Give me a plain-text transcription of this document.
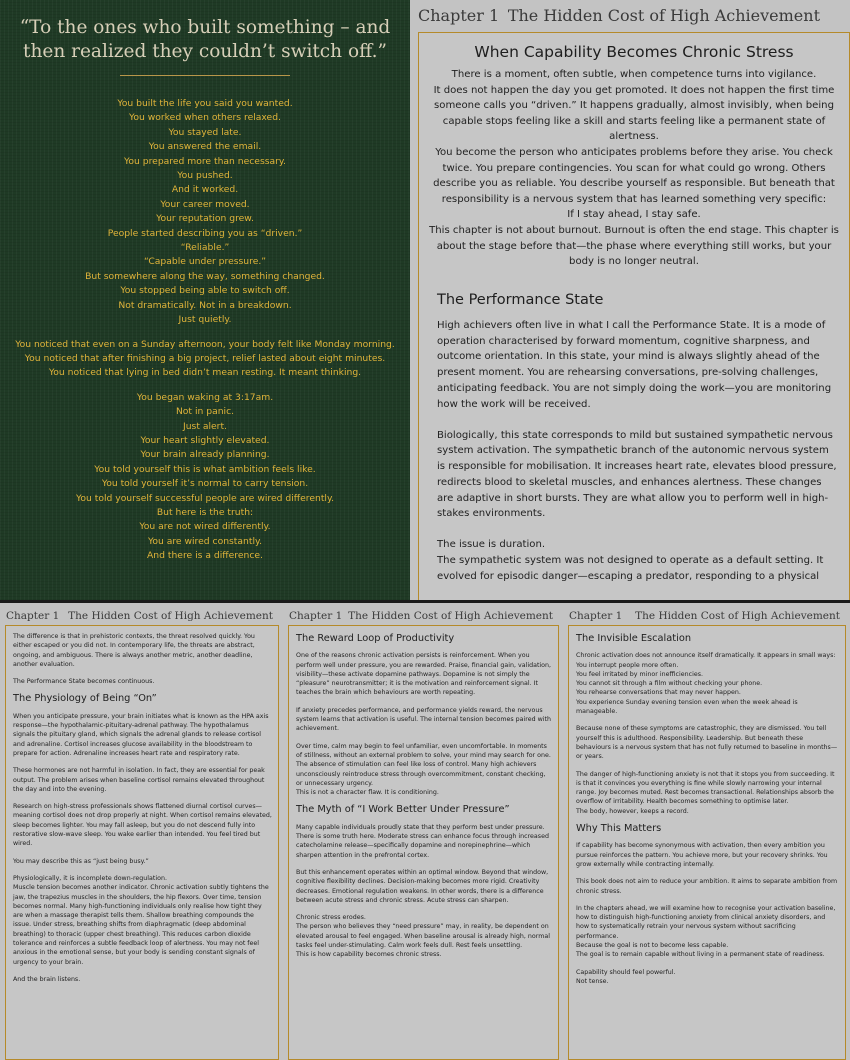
“To the ones who built something – and then realized they couldn’t switch off.”
You built the life you said you wanted.
You worked when others relaxed.
You stayed late.
You answered the email.
You prepared more than necessary.
You pushed.
And it worked.
Your career moved.
Your reputation grew.
People started describing you as “driven.”
“Reliable.”
“Capable under pressure.”
But somewhere along the way, something changed.
You stopped being able to switch off.
Not dramatically. Not in a breakdown.
Just quietly.
You noticed that even on a Sunday afternoon, your body felt like Monday morning.
You noticed that after finishing a big project, relief lasted about eight minutes.
You noticed that lying in bed didn’t mean resting. It meant thinking.
You began waking at 3:17am.
Not in panic.
Just alert.
Your heart slightly elevated.
Your brain already planning.
You told yourself this is what ambition feels like.
You told yourself it’s normal to carry tension.
You told yourself successful people are wired differently.
But here is the truth:
You are not wired differently.
You are wired constantly.
And there is a difference.
Chapter 1 The Hidden Cost of High Achievement
When Capability Becomes Chronic Stress

There is a moment, often subtle, when competence turns into vigilance.

It does not happen the day you get promoted. It does not happen the first time someone calls you “driven.” It happens gradually, almost invisibly, when being capable stops feeling like a skill and starts feeling like a permanent state of alertness.

You become the person who anticipates problems before they arise. You check twice. You prepare contingencies. You scan for what could go wrong. Others describe you as reliable. You describe yourself as responsible. But beneath that responsibility is a nervous system that has learned something very specific:

If I stay ahead, I stay safe.

This chapter is not about burnout. Burnout is often the end stage. This chapter is about the stage before that—the phase where everything still works, but your body is no longer neutral.

The Performance State

High achievers often live in what I call the Performance State. It is a mode of operation characterised by forward momentum, cognitive sharpness, and outcome orientation. In this state, your mind is always slightly ahead of the present moment. You are rehearsing conversations, pre-solving challenges, anticipating feedback. You are not simply doing the work—you are monitoring how the work will be received.

Biologically, this state corresponds to mild but sustained sympathetic nervous system activation. The sympathetic branch of the autonomic nervous system is responsible for mobilisation. It increases heart rate, elevates blood pressure, redirects blood to skeletal muscles, and enhances alertness. These changes are adaptive in short bursts. They are what allow you to perform well in high-stakes environments.

The issue is duration.

The sympathetic system was not designed to operate as a default setting. It evolved for episodic danger—escaping a predator, responding to a physical

Chapter 1 The Hidden Cost of High Achievement

The difference is that in prehistoric contexts, the threat resolved quickly. You either escaped or you did not. In contemporary life, the threats are abstract, ongoing, and ambiguous. There is always another metric, another deadline, another evaluation.

The Performance State becomes continuous.

The Physiology of Being “On”

When you anticipate pressure, your brain initiates what is known as the HPA axis response—the hypothalamic-pituitary-adrenal pathway. The hypothalamus signals the pituitary gland, which signals the adrenal glands to release cortisol and adrenaline. Cortisol increases glucose availability in the bloodstream to prepare for action. Adrenaline increases heart rate and respiratory rate.

These hormones are not harmful in isolation. In fact, they are essential for peak output. The problem arises when baseline cortisol remains elevated throughout the day and into the evening.

Research on high-stress professionals shows flattened diurnal cortisol curves—meaning cortisol does not drop properly at night. When cortisol remains elevated, sleep becomes lighter. You may fall asleep, but you do not descend fully into restorative slow-wave sleep. You wake earlier than intended. You feel tired but wired.

You may describe this as “just being busy.”

Physiologically, it is incomplete down-regulation.

Muscle tension becomes another indicator. Chronic activation subtly tightens the jaw, the trapezius muscles in the shoulders, the hip flexors. Over time, tension becomes normal. Many high-functioning individuals only realise how tight they are when a massage therapist tells them. Shallow breathing compounds the issue. Under stress, breathing shifts from diaphragmatic (deep abdominal breathing) to thoracic (upper chest breathing). This reduces carbon dioxide tolerance and reinforces a subtle feedback loop of alertness. You may not feel anxious in the emotional sense, but your body is sending constant signals of urgency to your brain.

And the brain listens.

Chapter 1 The Hidden Cost of High Achievement
The Reward Loop of Productivity

One of the reasons chronic activation persists is reinforcement. When you perform well under pressure, you are rewarded. Praise, financial gain, validation, visibility—these activate dopamine pathways. Dopamine is not simply the “pleasure” neurotransmitter; it is the motivation and reinforcement signal. It teaches the brain which behaviours are worth repeating.

If anxiety precedes performance, and performance yields reward, the nervous system learns that activation is useful. The internal tension becomes paired with achievement.

Over time, calm may begin to feel unfamiliar, even uncomfortable. In moments of stillness, without an external problem to solve, your mind may search for one. The absence of stimulation can feel like loss of control. Many high achievers unconsciously reintroduce stress through overcommitment, constant checking, or unnecessary urgency.

This is not a character flaw. It is conditioning.

The Myth of “I Work Better Under Pressure”

Many capable individuals proudly state that they perform best under pressure. There is some truth here. Moderate stress can enhance focus through increased catecholamine release—specifically dopamine and norepinephrine—which sharpen attention in the prefrontal cortex.

But this enhancement operates within an optimal window. Beyond that window, cognitive flexibility declines. Decision-making becomes more rigid. Creativity decreases. Emotional regulation weakens. In other words, there is a difference between acute stress and chronic stress. Acute stress can sharpen.

Chronic stress erodes.

The person who believes they “need pressure” may, in reality, be dependent on elevated arousal to feel engaged. When baseline arousal is already high, normal tasks feel under-stimulating. Calm work feels dull. Rest feels unsettling.

This is how capability becomes chronic stress.

Chapter 1 The Hidden Cost of High Achievement
The Invisible Escalation

Chronic activation does not announce itself dramatically. It appears in small ways:

You interrupt people more often.
You feel irritated by minor inefficiencies.
You cannot sit through a film without checking your phone.
You rehearse conversations that may never happen.
You experience Sunday evening tension even when the week ahead is manageable.

Because none of these symptoms are catastrophic, they are dismissed. You tell yourself this is adulthood. Responsibility. Leadership. But beneath these behaviours is a nervous system that has not fully returned to baseline in months—or years.

The danger of high-functioning anxiety is not that it stops you from succeeding. It is that it convinces you everything is fine while slowly narrowing your internal range. Joy becomes muted. Rest becomes transactional. Relationships absorb the overflow of irritability. Health becomes something to optimise later.

The body, however, keeps a record.

Why This Matters

If capability has become synonymous with activation, then every ambition you pursue reinforces the pattern. You achieve more, but your recovery shrinks. You grow externally while contracting internally.

This book does not aim to reduce your ambition. It aims to separate ambition from chronic stress.

In the chapters ahead, we will examine how to recognise your activation baseline, how to distinguish high-functioning anxiety from clinical anxiety disorders, and how to systematically retrain your nervous system without sacrificing performance.

Because the goal is not to become less capable.

The goal is to remain capable without living in a permanent state of readiness.

Capability should feel powerful.

Not tense.
